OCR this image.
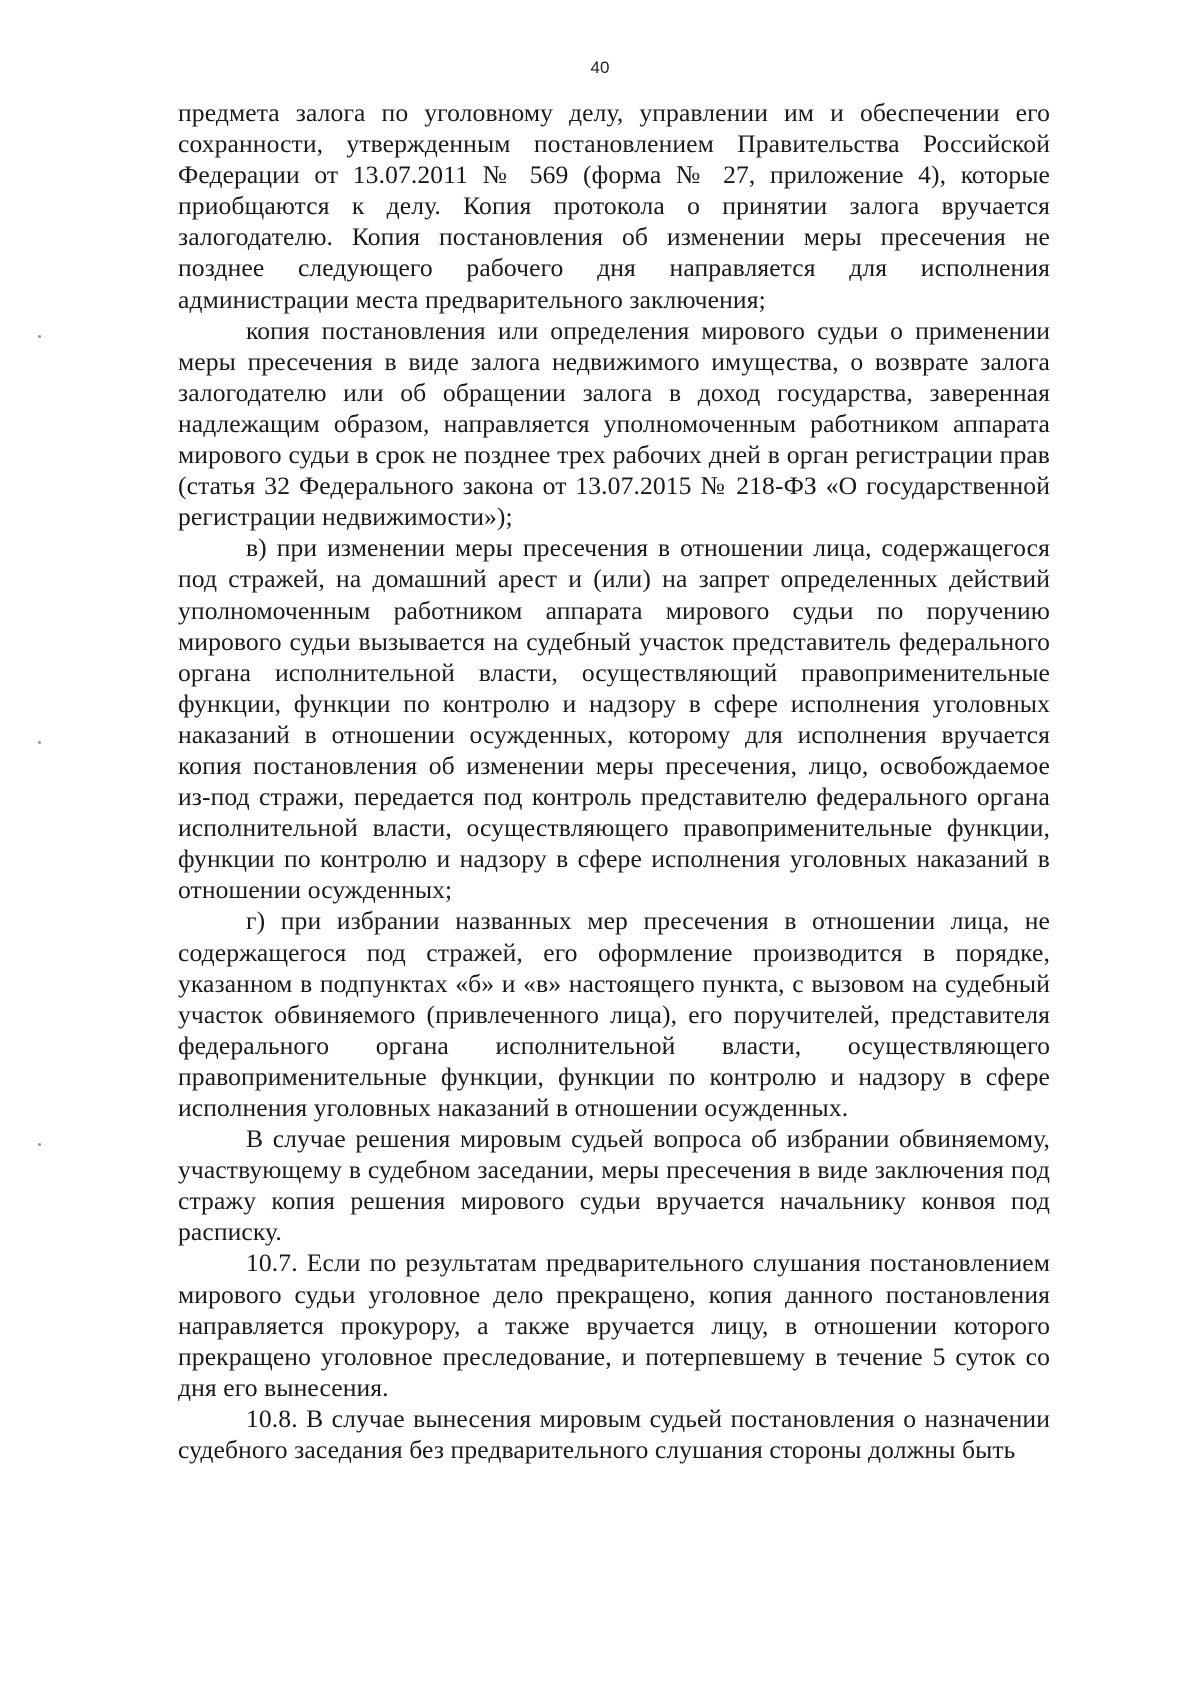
40

предмета залога по уголовному делу, управлении им и обеспечении его сохранности, утвержденным постановлением Правительства Российской Федерации от 13.07.2011 № 569 (форма № 27, приложение 4), которые приобщаются к делу. Копия протокола о принятии залога вручается залогодателю. Копия постановления об изменении меры пресечения не позднее следующего рабочего дня направляется для исполнения администрации места предварительного заключения;

копия постановления или определения мирового судьи о применении меры пресечения в виде залога недвижимого имущества, о возврате залога залогодателю или об обращении залога в доход государства, заверенная надлежащим образом, направляется уполномоченным работником аппарата мирового судьи в срок не позднее трех рабочих дней в орган регистрации прав (статья 32 Федерального закона от 13.07.2015 № 218-ФЗ «О государственной регистрации недвижимости»);

в) при изменении меры пресечения в отношении лица, содержащегося под стражей, на домашний арест и (или) на запрет определенных действий уполномоченным работником аппарата мирового судьи по поручению мирового судьи вызывается на судебный участок представитель федерального органа исполнительной власти, осуществляющий правоприменительные функции, функции по контролю и надзору в сфере исполнения уголовных наказаний в отношении осужденных, которому для исполнения вручается копия постановления об изменении меры пресечения, лицо, освобождаемое из-под стражи, передается под контроль представителю федерального органа исполнительной власти, осуществляющего правоприменительные функции, функции по контролю и надзору в сфере исполнения уголовных наказаний в отношении осужденных;

г) при избрании названных мер пресечения в отношении лица, не содержащегося под стражей, его оформление производится в порядке, указанном в подпунктах «б» и «в» настоящего пункта, с вызовом на судебный участок обвиняемого (привлеченного лица), его поручителей, представителя федерального органа исполнительной власти, осуществляющего правоприменительные функции, функции по контролю и надзору в сфере исполнения уголовных наказаний в отношении осужденных.

В случае решения мировым судьей вопроса об избрании обвиняемому, участвующему в судебном заседании, меры пресечения в виде заключения под стражу копия решения мирового судьи вручается начальнику конвоя под расписку.

10.7. Если по результатам предварительного слушания постановлением мирового судьи уголовное дело прекращено, копия данного постановления направляется прокурору, а также вручается лицу, в отношении которого прекращено уголовное преследование, и потерпевшему в течение 5 суток со дня его вынесения.

10.8. В случае вынесения мировым судьей постановления о назначении судебного заседания без предварительного слушания стороны должны быть
